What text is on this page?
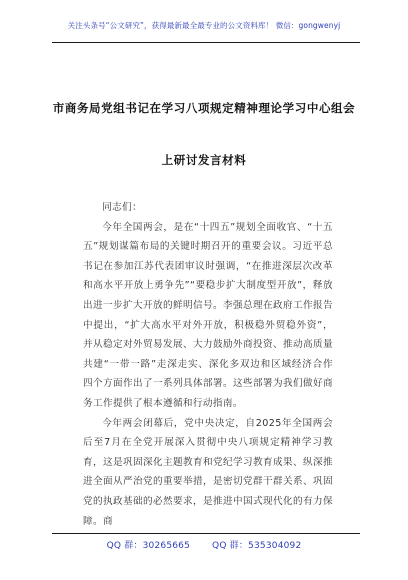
关注头条号“公文研究”，获得最新最全最专业的公文资料库！ 微信：gongwenyj
市商务局党组书记在学习八项规定精神理论学习中心组会
上研讨发言材料

同志们：

今年全国两会，是在“十四五”规划全面收官、“十五五”规划谋篇布局的关键时期召开的重要会议。习近平总书记在参加江苏代表团审议时强调，“在推进深层次改革和高水平开放上勇争先”“要稳步扩大制度型开放”，释放出进一步扩大开放的鲜明信号。李强总理在政府工作报告中提出，“扩大高水平对外开放，积极稳外贸稳外资”，并从稳定对外贸易发展、大力鼓励外商投资、推动高质量共建“一带一路”走深走实、深化多双边和区域经济合作四个方面作出了一系列具体部署。这些部署为我们做好商务工作提供了根本遵循和行动指南。

今年两会闭幕后，党中央决定，自2025年全国两会后至7月在全党开展深入贯彻中央八项规定精神学习教育，这是巩固深化主题教育和党纪学习教育成果、纵深推进全面从严治党的重要举措，是密切党群干群关系、巩固党的执政基础的必然要求，是推进中国式现代化的有力保障。商

QQ 群：30265665 QQ 群：535304092
